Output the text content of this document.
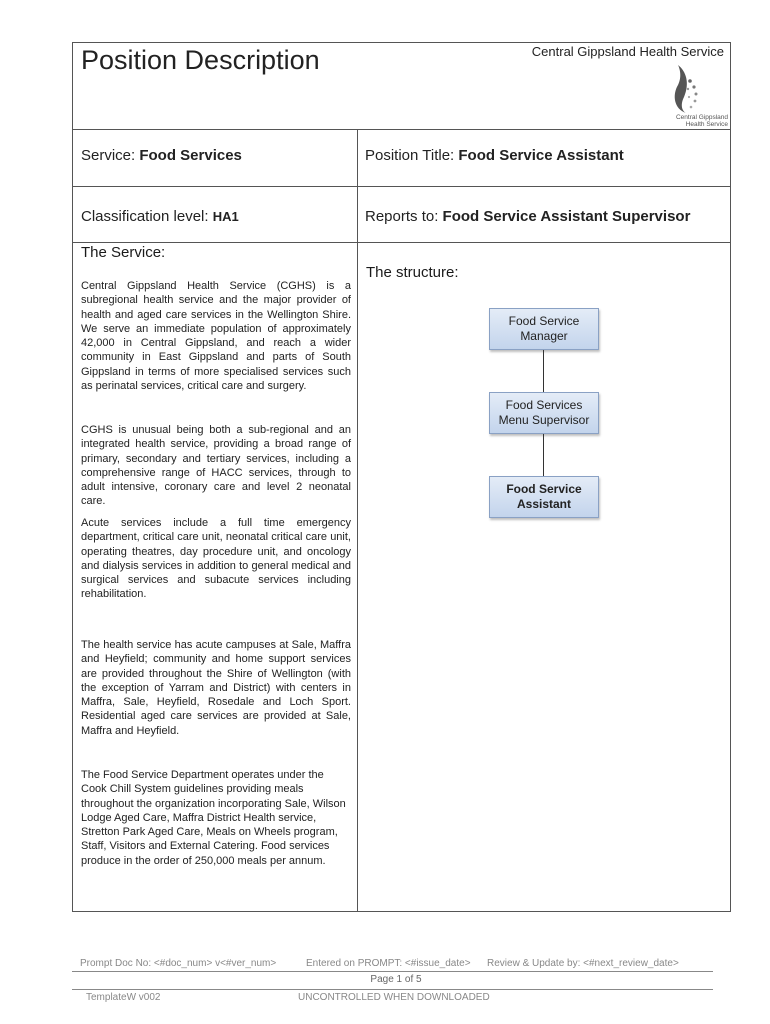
Position Description	Central Gippsland Health Service
Central Gippsland
Health Service
Service: Food Services	Position Title: Food Service Assistant
Classification level: HA1	Reports to: Food Service Assistant Supervisor
The Service:
Central Gippsland Health Service (CGHS) is a subregional health service and the major provider of health and aged care services in the Wellington Shire. We serve an immediate population of approximately 42,000 in Central Gippsland, and reach a wider community in East Gippsland and parts of South Gippsland in terms of more specialised services such as perinatal services, critical care and surgery.
CGHS is unusual being both a sub-regional and an integrated health service, providing a broad range of primary, secondary and tertiary services, including a comprehensive range of HACC services, through to adult intensive, coronary care and level 2 neonatal care.
Acute services include a full time emergency department, critical care unit, neonatal critical care unit, operating theatres, day procedure unit, and oncology and dialysis services in addition to general medical and surgical services and subacute services including rehabilitation.
The health service has acute campuses at Sale, Maffra and Heyfield; community and home support services are provided throughout the Shire of Wellington (with the exception of Yarram and District) with centers in Maffra, Sale, Heyfield, Rosedale and Loch Sport. Residential aged care services are provided at Sale, Maffra and Heyfield.
The Food Service Department operates under the Cook Chill System guidelines providing meals throughout the organization incorporating Sale, Wilson Lodge Aged Care, Maffra District Health service, Stretton Park Aged Care, Meals on Wheels program, Staff, Visitors and External Catering. Food services produce in the order of 250,000 meals per annum.
The structure:
Food Service Manager
Food Services Menu Supervisor
Food Service Assistant
Prompt Doc No: <#doc_num> v<#ver_num>	Entered on PROMPT: <#issue_date> Review & Update by: <#next_review_date>
Page 1 of 5
TemplateW v002	UNCONTROLLED WHEN DOWNLOADED
